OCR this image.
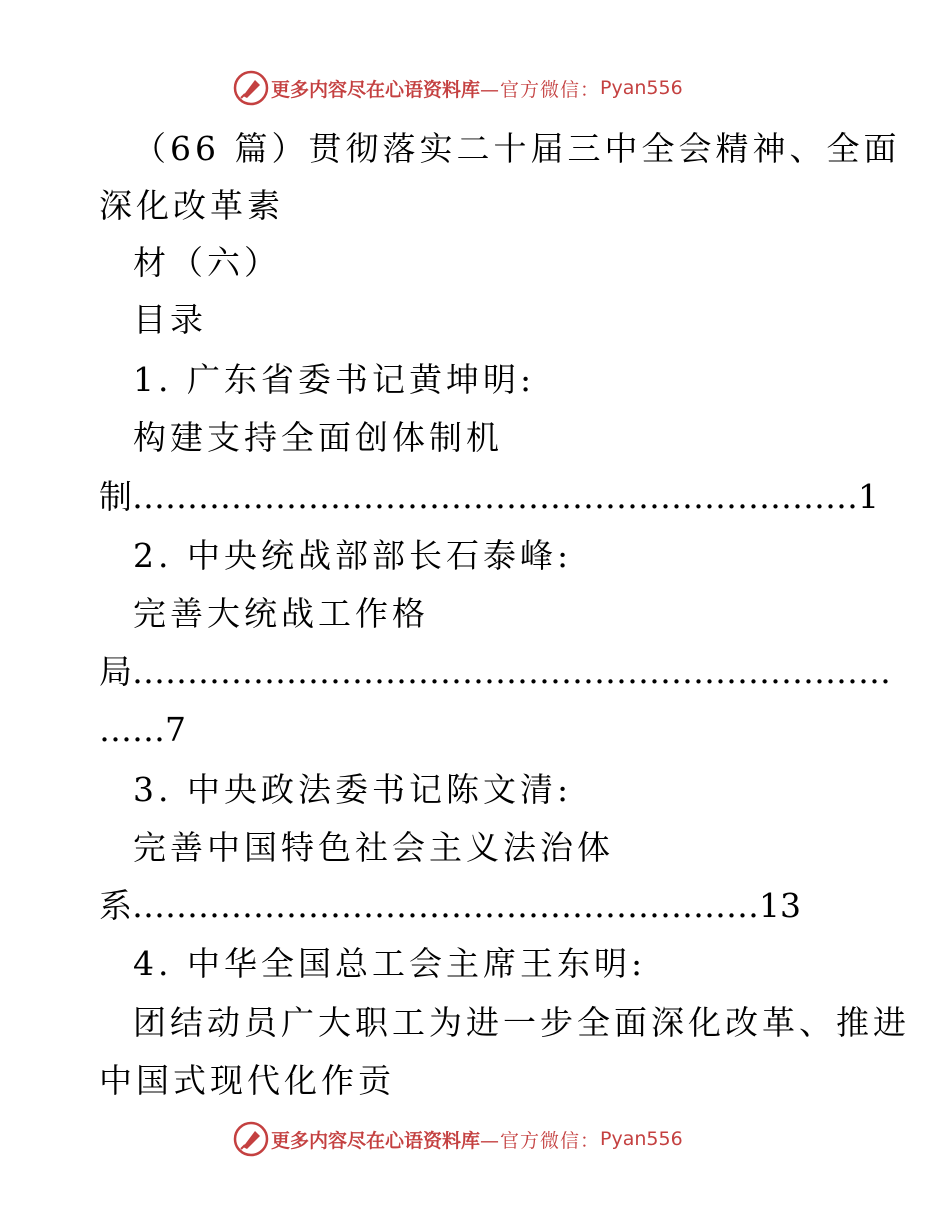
更多内容尽在心语资料库 —官方微信： Pyan556
（66 篇）贯彻落实二十届三中全会精神、全面
深化改革素
材（六）
目录
1. 广东省委书记黄坤明:
构建支持全面创体制机
制…………………………………………………………1
2. 中央统战部部长石泰峰:
完善大统战工作格
局……………………………………………………………
……7
3. 中央政法委书记陈文清:
完善中国特色社会主义法治体
系…………………………………………………13
4. 中华全国总工会主席王东明:
团结动员广大职工为进一步全面深化改革、推进
中国式现代化作贡
更多内容尽在心语资料库 —官方微信： Pyan556
